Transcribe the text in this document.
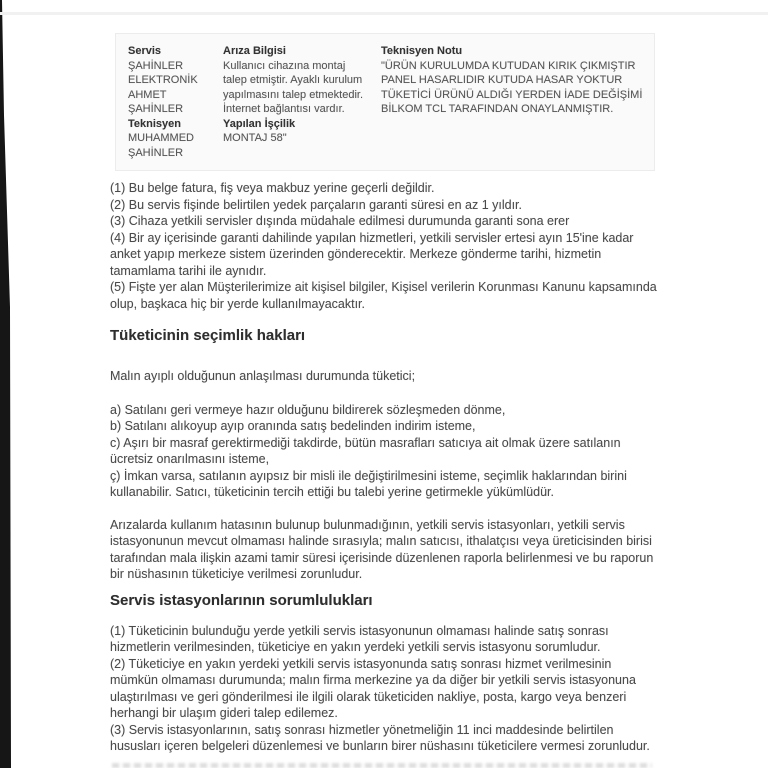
Servis
ŞAHİNLER ELEKTRONİK AHMET ŞAHİNLER
Teknisyen
MUHAMMED ŞAHİNLER
Arıza Bilgisi
Kullanıcı cihazına montaj talep etmiştir. Ayaklı kurulum yapılmasını talep etmektedir. İnternet bağlantısı vardır.
Yapılan İşçilik
MONTAJ 58"
Teknisyen Notu
"ÜRÜN KURULUMDA KUTUDAN KIRIK ÇIKMIŞTIR PANEL HASARLIDIR KUTUDA HASAR YOKTUR TÜKETİCİ ÜRÜNÜ ALDIĞI YERDEN İADE DEĞİŞİMİ BİLKOM TCL TARAFINDAN ONAYLANMIŞTIR.

(1) Bu belge fatura, fiş veya makbuz yerine geçerli değildir.

(2) Bu servis fişinde belirtilen yedek parçaların garanti süresi en az 1 yıldır.

(3) Cihaza yetkili servisler dışında müdahale edilmesi durumunda garanti sona erer

(4) Bir ay içerisinde garanti dahilinde yapılan hizmetleri, yetkili servisler ertesi ayın 15'ine kadar anket yapıp merkeze sistem üzerinden gönderecektir. Merkeze gönderme tarihi, hizmetin tamamlama tarihi ile aynıdır.

(5) Fişte yer alan Müşterilerimize ait kişisel bilgiler, Kişisel verilerin Korunması Kanunu kapsamında olup, başkaca hiç bir yerde kullanılmayacaktır.

Tüketicinin seçimlik hakları

Malın ayıplı olduğunun anlaşılması durumunda tüketici;

a) Satılanı geri vermeye hazır olduğunu bildirerek sözleşmeden dönme,

b) Satılanı alıkoyup ayıp oranında satış bedelinden indirim isteme,

c) Aşırı bir masraf gerektirmediği takdirde, bütün masrafları satıcıya ait olmak üzere satılanın ücretsiz onarılmasını isteme,

ç) İmkan varsa, satılanın ayıpsız bir misli ile değiştirilmesini isteme, seçimlik haklarından birini kullanabilir. Satıcı, tüketicinin tercih ettiği bu talebi yerine getirmekle yükümlüdür.

Arızalarda kullanım hatasının bulunup bulunmadığının, yetkili servis istasyonları, yetkili servis istasyonunun mevcut olmaması halinde sırasıyla; malın satıcısı, ithalatçısı veya üreticisinden birisi tarafından mala ilişkin azami tamir süresi içerisinde düzenlenen raporla belirlenmesi ve bu raporun bir nüshasının tüketiciye verilmesi zorunludur.

Servis istasyonlarının sorumlulukları

(1) Tüketicinin bulunduğu yerde yetkili servis istasyonunun olmaması halinde satış sonrası hizmetlerin verilmesinden, tüketiciye en yakın yerdeki yetkili servis istasyonu sorumludur.

(2) Tüketiciye en yakın yerdeki yetkili servis istasyonunda satış sonrası hizmet verilmesinin mümkün olmaması durumunda; malın firma merkezine ya da diğer bir yetkili servis istasyonuna ulaştırılması ve geri gönderilmesi ile ilgili olarak tüketiciden nakliye, posta, kargo veya benzeri herhangi bir ulaşım gideri talep edilemez.

(3) Servis istasyonlarının, satış sonrası hizmetler yönetmeliğin 11 inci maddesinde belirtilen hususları içeren belgeleri düzenlemesi ve bunların birer nüshasını tüketicilere vermesi zorunludur.
